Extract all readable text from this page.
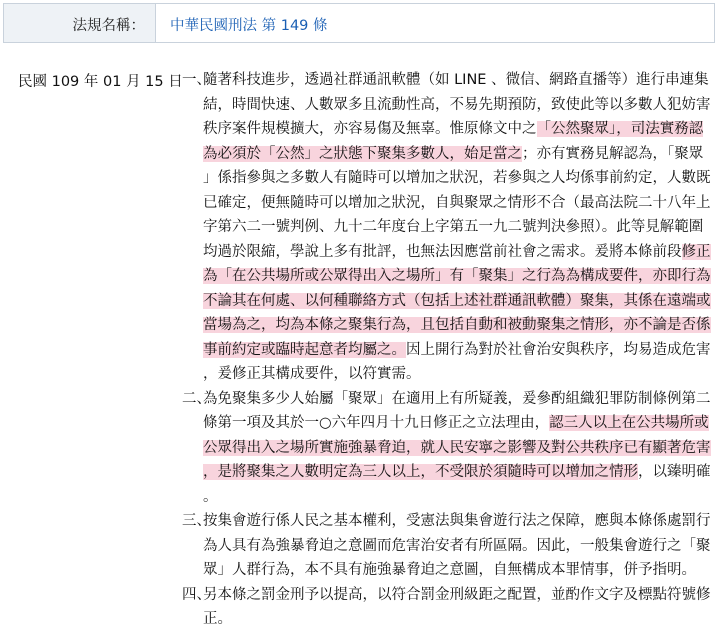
法規名稱： 中華民國刑法 第 149 條
民國 109 年 01 月 15 日 一、
隨著科技進步，透過社群通訊軟體（如 LINE 、微信、網路直播等）進行串連集
結，時間快速、人數眾多且流動性高，不易先期預防，致使此等以多數人犯妨害
秩序案件規模擴大，亦容易傷及無辜。惟原條文中之「公然聚眾」，司法實務認
為必須於「公然」之狀態下聚集多數人，始足當之；亦有實務見解認為，「聚眾
」係指參與之多數人有隨時可以增加之狀況，若參與之人均係事前約定，人數既
已確定，便無隨時可以增加之狀況，自與聚眾之情形不合（最高法院二十八年上
字第六二一號判例、九十二年度台上字第五一九二號判決參照）。此等見解範圍
均過於限縮，學說上多有批評，也無法因應當前社會之需求。爰將本條前段修正
為「在公共場所或公眾得出入之場所」有「聚集」之行為為構成要件，亦即行為
不論其在何處、以何種聯絡方式（包括上述社群通訊軟體）聚集，其係在遠端或
當場為之，均為本條之聚集行為，且包括自動和被動聚集之情形，亦不論是否係
事前約定或臨時起意者均屬之。因上開行為對於社會治安與秩序，均易造成危害
，爰修正其構成要件，以符實需。
二、
為免聚集多少人始屬「聚眾」在適用上有所疑義，爰參酌組織犯罪防制條例第二
條第一項及其於一○六年四月十九日修正之立法理由，認三人以上在公共場所或
公眾得出入之場所實施強暴脅迫，就人民安寧之影響及對公共秩序已有顯著危害
，是將聚集之人數明定為三人以上，不受限於須隨時可以增加之情形，以臻明確
。
三、
按集會遊行係人民之基本權利，受憲法與集會遊行法之保障，應與本條係處罰行
為人具有為強暴脅迫之意圖而危害治安者有所區隔。因此，一般集會遊行之「聚
眾」人群行為，本不具有施強暴脅迫之意圖，自無構成本罪情事，併予指明。
四、
另本條之罰金刑予以提高，以符合罰金刑級距之配置，並酌作文字及標點符號修
正。
